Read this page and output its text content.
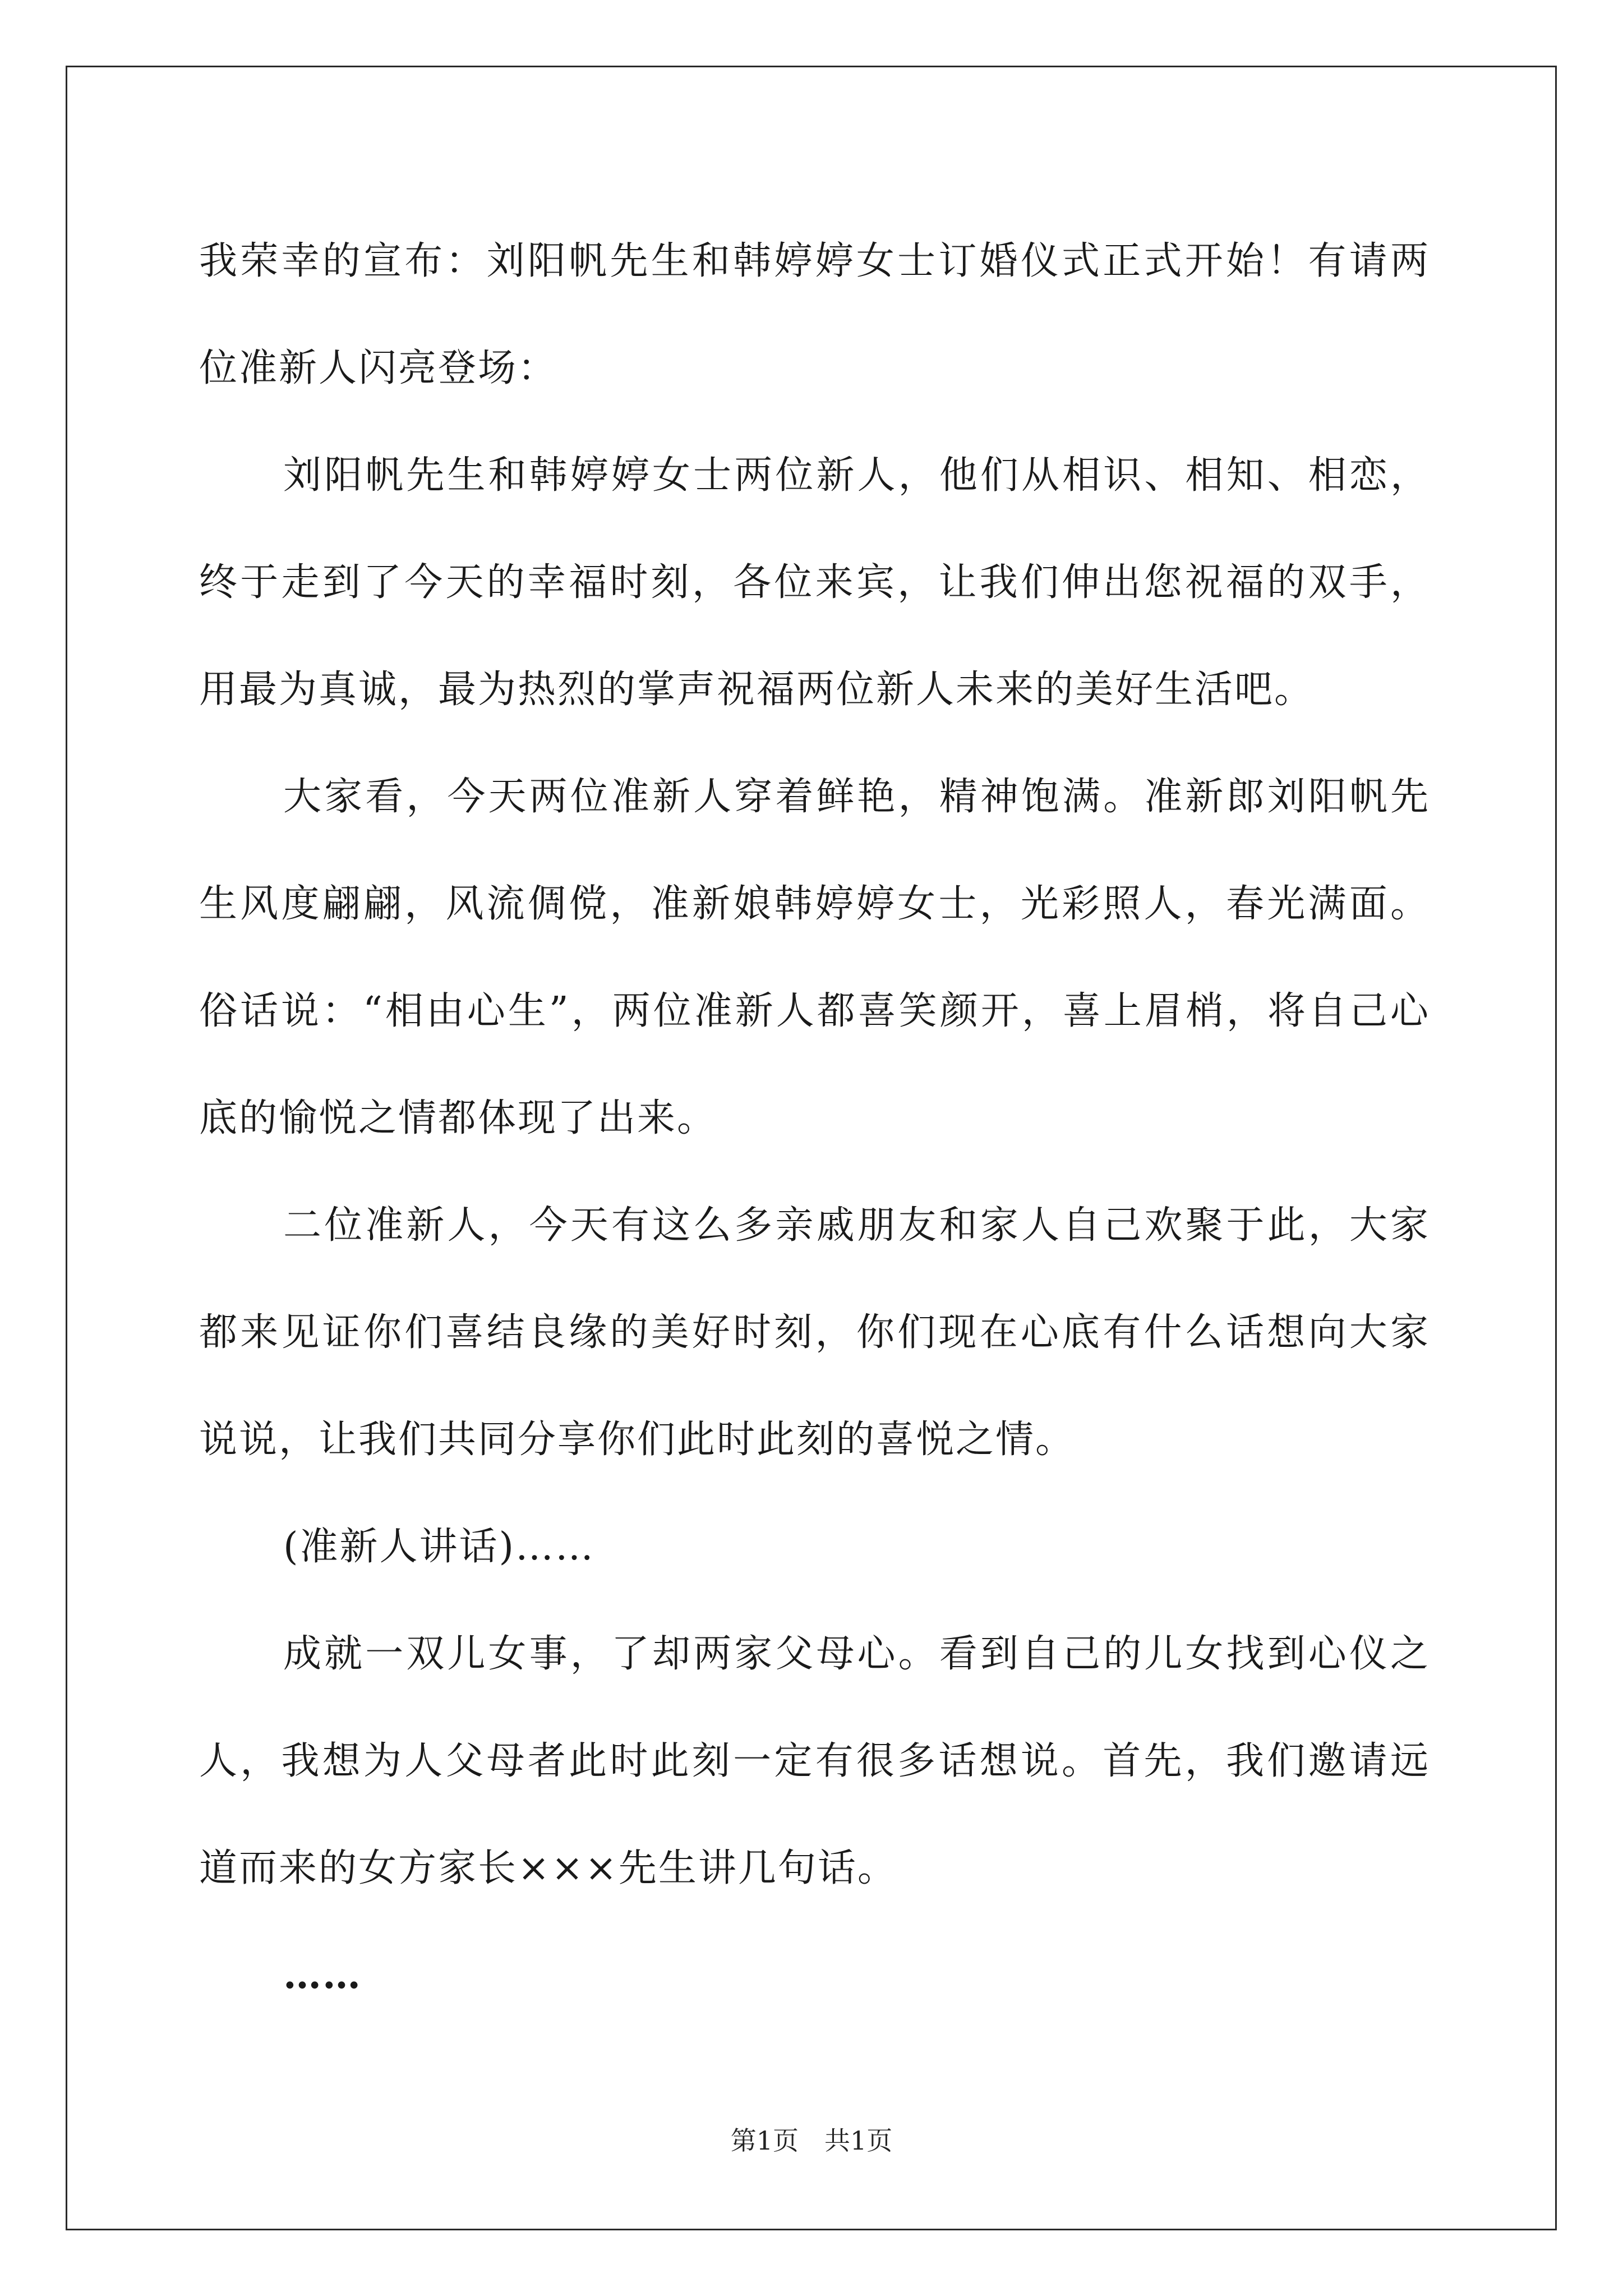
我荣幸的宣布：刘阳帆先生和韩婷婷女士订婚仪式正式开始！有请两位准新人闪亮登场：

刘阳帆先生和韩婷婷女士两位新人，他们从相识、相知、相恋，终于走到了今天的幸福时刻，各位来宾，让我们伸出您祝福的双手，用最为真诚，最为热烈的掌声祝福两位新人未来的美好生活吧。

大家看，今天两位准新人穿着鲜艳，精神饱满。准新郎刘阳帆先生风度翩翩，风流倜傥，准新娘韩婷婷女士，光彩照人，春光满面。俗话说：“相由心生”，两位准新人都喜笑颜开，喜上眉梢，将自己心底的愉悦之情都体现了出来。

二位准新人，今天有这么多亲戚朋友和家人自己欢聚于此，大家都来见证你们喜结良缘的美好时刻，你们现在心底有什么话想向大家说说，让我们共同分享你们此时此刻的喜悦之情。

(准新人讲话)……

成就一双儿女事，了却两家父母心。看到自己的儿女找到心仪之人，我想为人父母者此时此刻一定有很多话想说。首先，我们邀请远道而来的女方家长×××先生讲几句话。

……

第1页　共1页
